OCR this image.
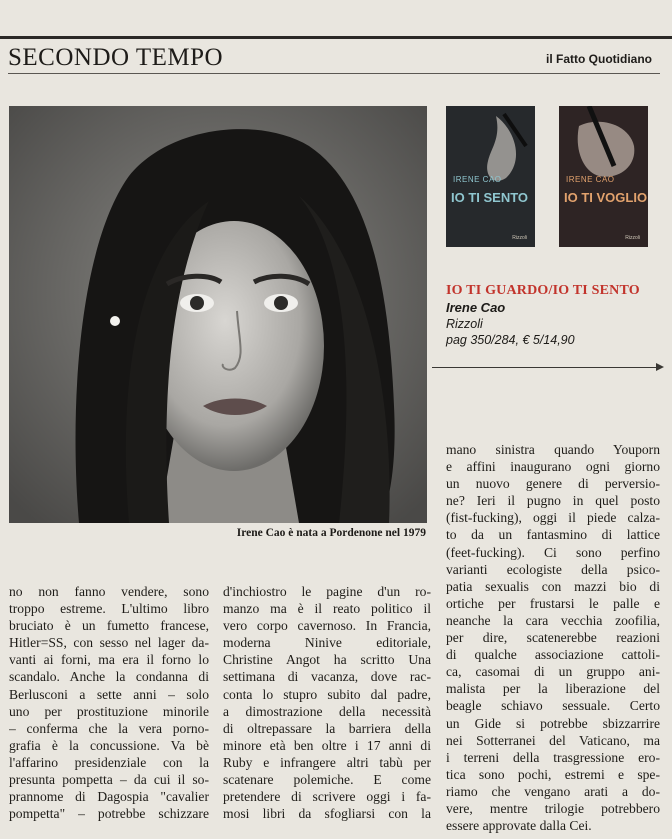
SECONDO TEMPO	il Fatto Quotidiano
Irene Cao è nata a Pordenone nel 1979
IRENE CAO
IO TI SENTO
Rizzoli
IRENE CAO
IO TI VOGLIO
Rizzoli
IO TI GUARDO/IO TI SENTO
Irene Cao
Rizzoli
pag 350/284, € 5/14,90
mano sinistra quando Youporn
e affini inaugurano ogni giorno
un nuovo genere di perversio-
ne? Ieri il pugno in quel posto
(fist-fucking), oggi il piede calza-
to da un fantasmino di lattice
(feet-fucking). Ci sono perfino
varianti ecologiste della psico-
patia sexualis con mazzi bio di
ortiche per frustarsi le palle e
neanche la cara vecchia zoofilia,
per dire, scatenerebbe reazioni
di qualche associazione cattoli-
ca, casomai di un gruppo ani-
malista per la liberazione del
beagle schiavo sessuale. Certo
un Gide si potrebbe sbizzarrire
nei Sotterranei del Vaticano, ma
i terreni della trasgressione ero-
tica sono pochi, estremi e spe-
riamo che vengano arati a do-
vere, mentre trilogie potrebbero
essere approvate dalla Cei.
no non fanno vendere, sono
troppo estreme. L'ultimo libro
bruciato è un fumetto francese,
Hitler=SS, con sesso nel lager da-
vanti ai forni, ma era il forno lo
scandalo. Anche la condanna di
Berlusconi a sette anni – solo
uno per prostituzione minorile
– conferma che la vera porno-
grafia è la concussione. Va bè
l'affarino presidenziale con la
presunta pompetta – da cui il so-
prannome di Dagospia "cavalier
pompetta" – potrebbe schizzare
d'inchiostro le pagine d'un ro-
manzo ma è il reato politico il
vero corpo cavernoso. In Francia,
moderna Ninive editoriale,
Christine Angot ha scritto Una
settimana di vacanza, dove rac-
conta lo stupro subito dal padre,
a dimostrazione della necessità
di oltrepassare la barriera della
minore età ben oltre i 17 anni di
Ruby e infrangere altri tabù per
scatenare polemiche. E come
pretendere di scrivere oggi i fa-
mosi libri da sfogliarsi con la
